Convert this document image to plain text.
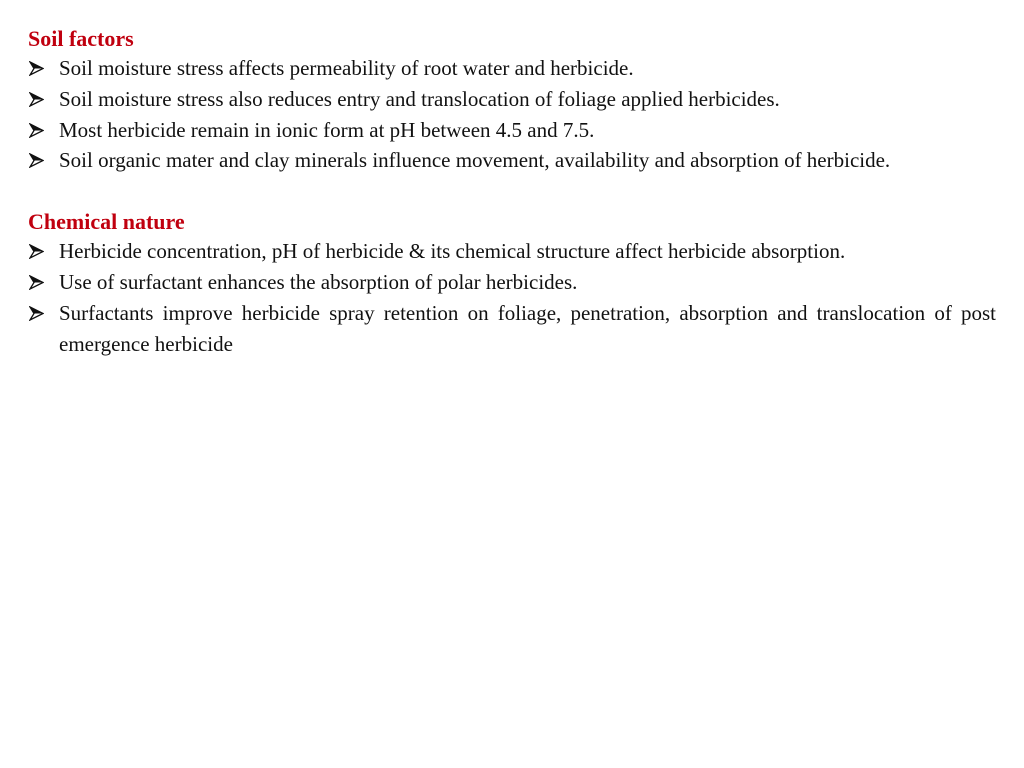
Soil factors
Soil moisture stress affects permeability of root water and herbicide.
Soil moisture stress also reduces entry and translocation of foliage applied herbicides.
Most herbicide remain in ionic form at pH between 4.5 and 7.5.
Soil organic mater and clay minerals influence movement, availability and absorption of herbicide.
Chemical nature
Herbicide concentration, pH of herbicide & its chemical structure affect herbicide absorption.
Use of surfactant enhances the absorption of polar herbicides.
Surfactants improve herbicide spray retention on foliage, penetration, absorption and translocation of post emergence herbicide
